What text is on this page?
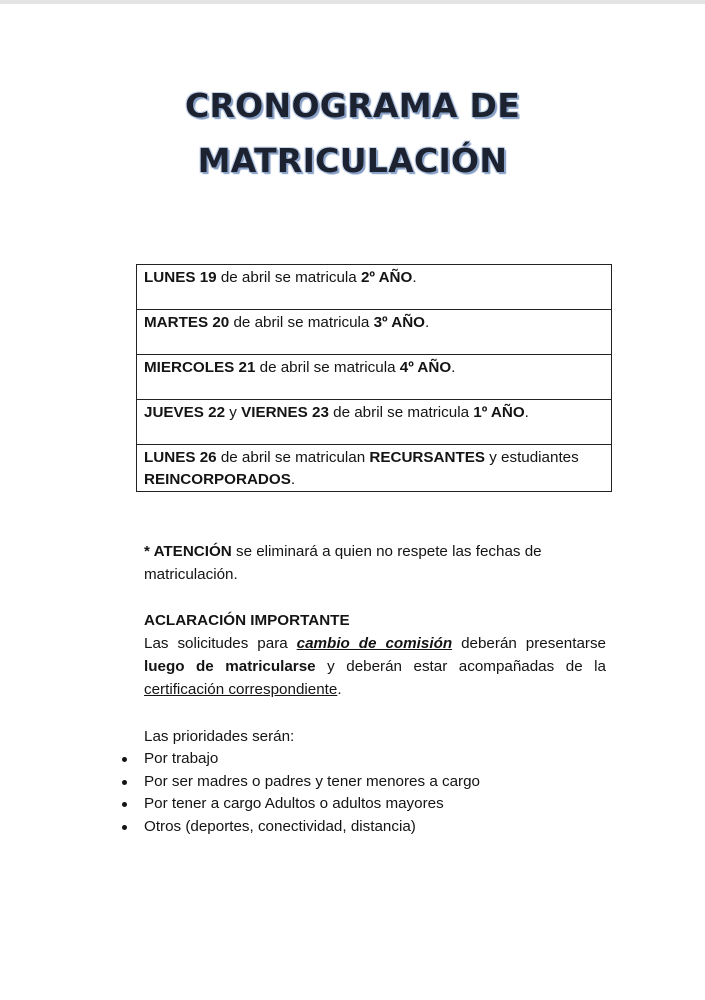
CRONOGRAMA DE
MATRICULACIÓN
LUNES 19 de abril se matricula 2º AÑO.
MARTES 20 de abril se matricula 3º AÑO.
MIERCOLES 21 de abril se matricula 4º AÑO.
JUEVES 22 y VIERNES 23 de abril se matricula 1º AÑO.
LUNES 26 de abril se matriculan RECURSANTES y estudiantes REINCORPORADOS.
* ATENCIÓN se eliminará a quien no respete las fechas de matriculación.
ACLARACIÓN IMPORTANTE
Las solicitudes para cambio de comisión deberán presentarse
luego de matricularse y deberán estar acompañadas de la
certificación correspondiente.
Las prioridades serán:
Por trabajo
Por ser madres o padres y tener menores a cargo
Por tener a cargo Adultos o adultos mayores
Otros (deportes, conectividad, distancia)
